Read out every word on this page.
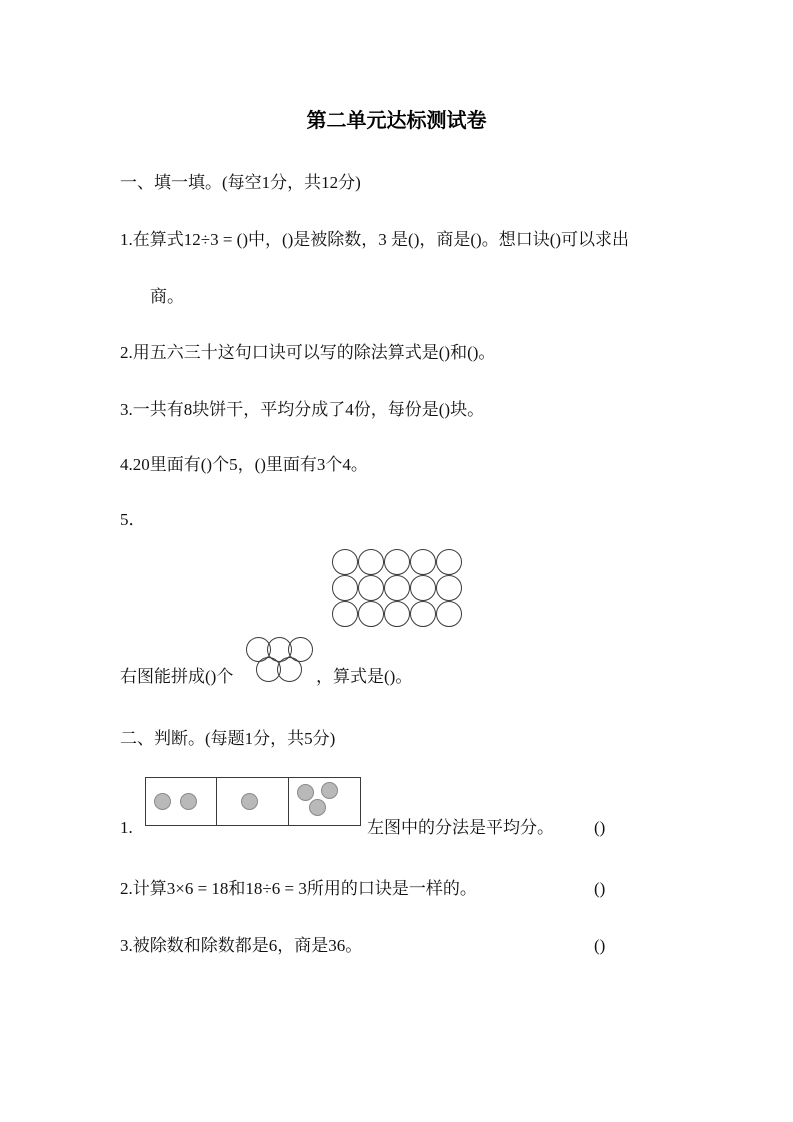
第二单元达标测试卷
一、填一填。(每空1分，共12分)
1.在算式12÷3 = ()中，()是被除数，3 是()，商是()。想口诀()可以求出
商。
2.用五六三十这句口诀可以写的除法算式是()和()。
3.一共有8块饼干，平均分成了4份，每份是()块。
4.20里面有()个5，()里面有3个4。
5．
右图能拼成()个	，算式是()。
二、判断。(每题1分，共5分)
1.	左图中的分法是平均分。 ()
2.计算3×6 = 18和18÷6 = 3所用的口诀是一样的。	()
3.被除数和除数都是6，商是36。	()
